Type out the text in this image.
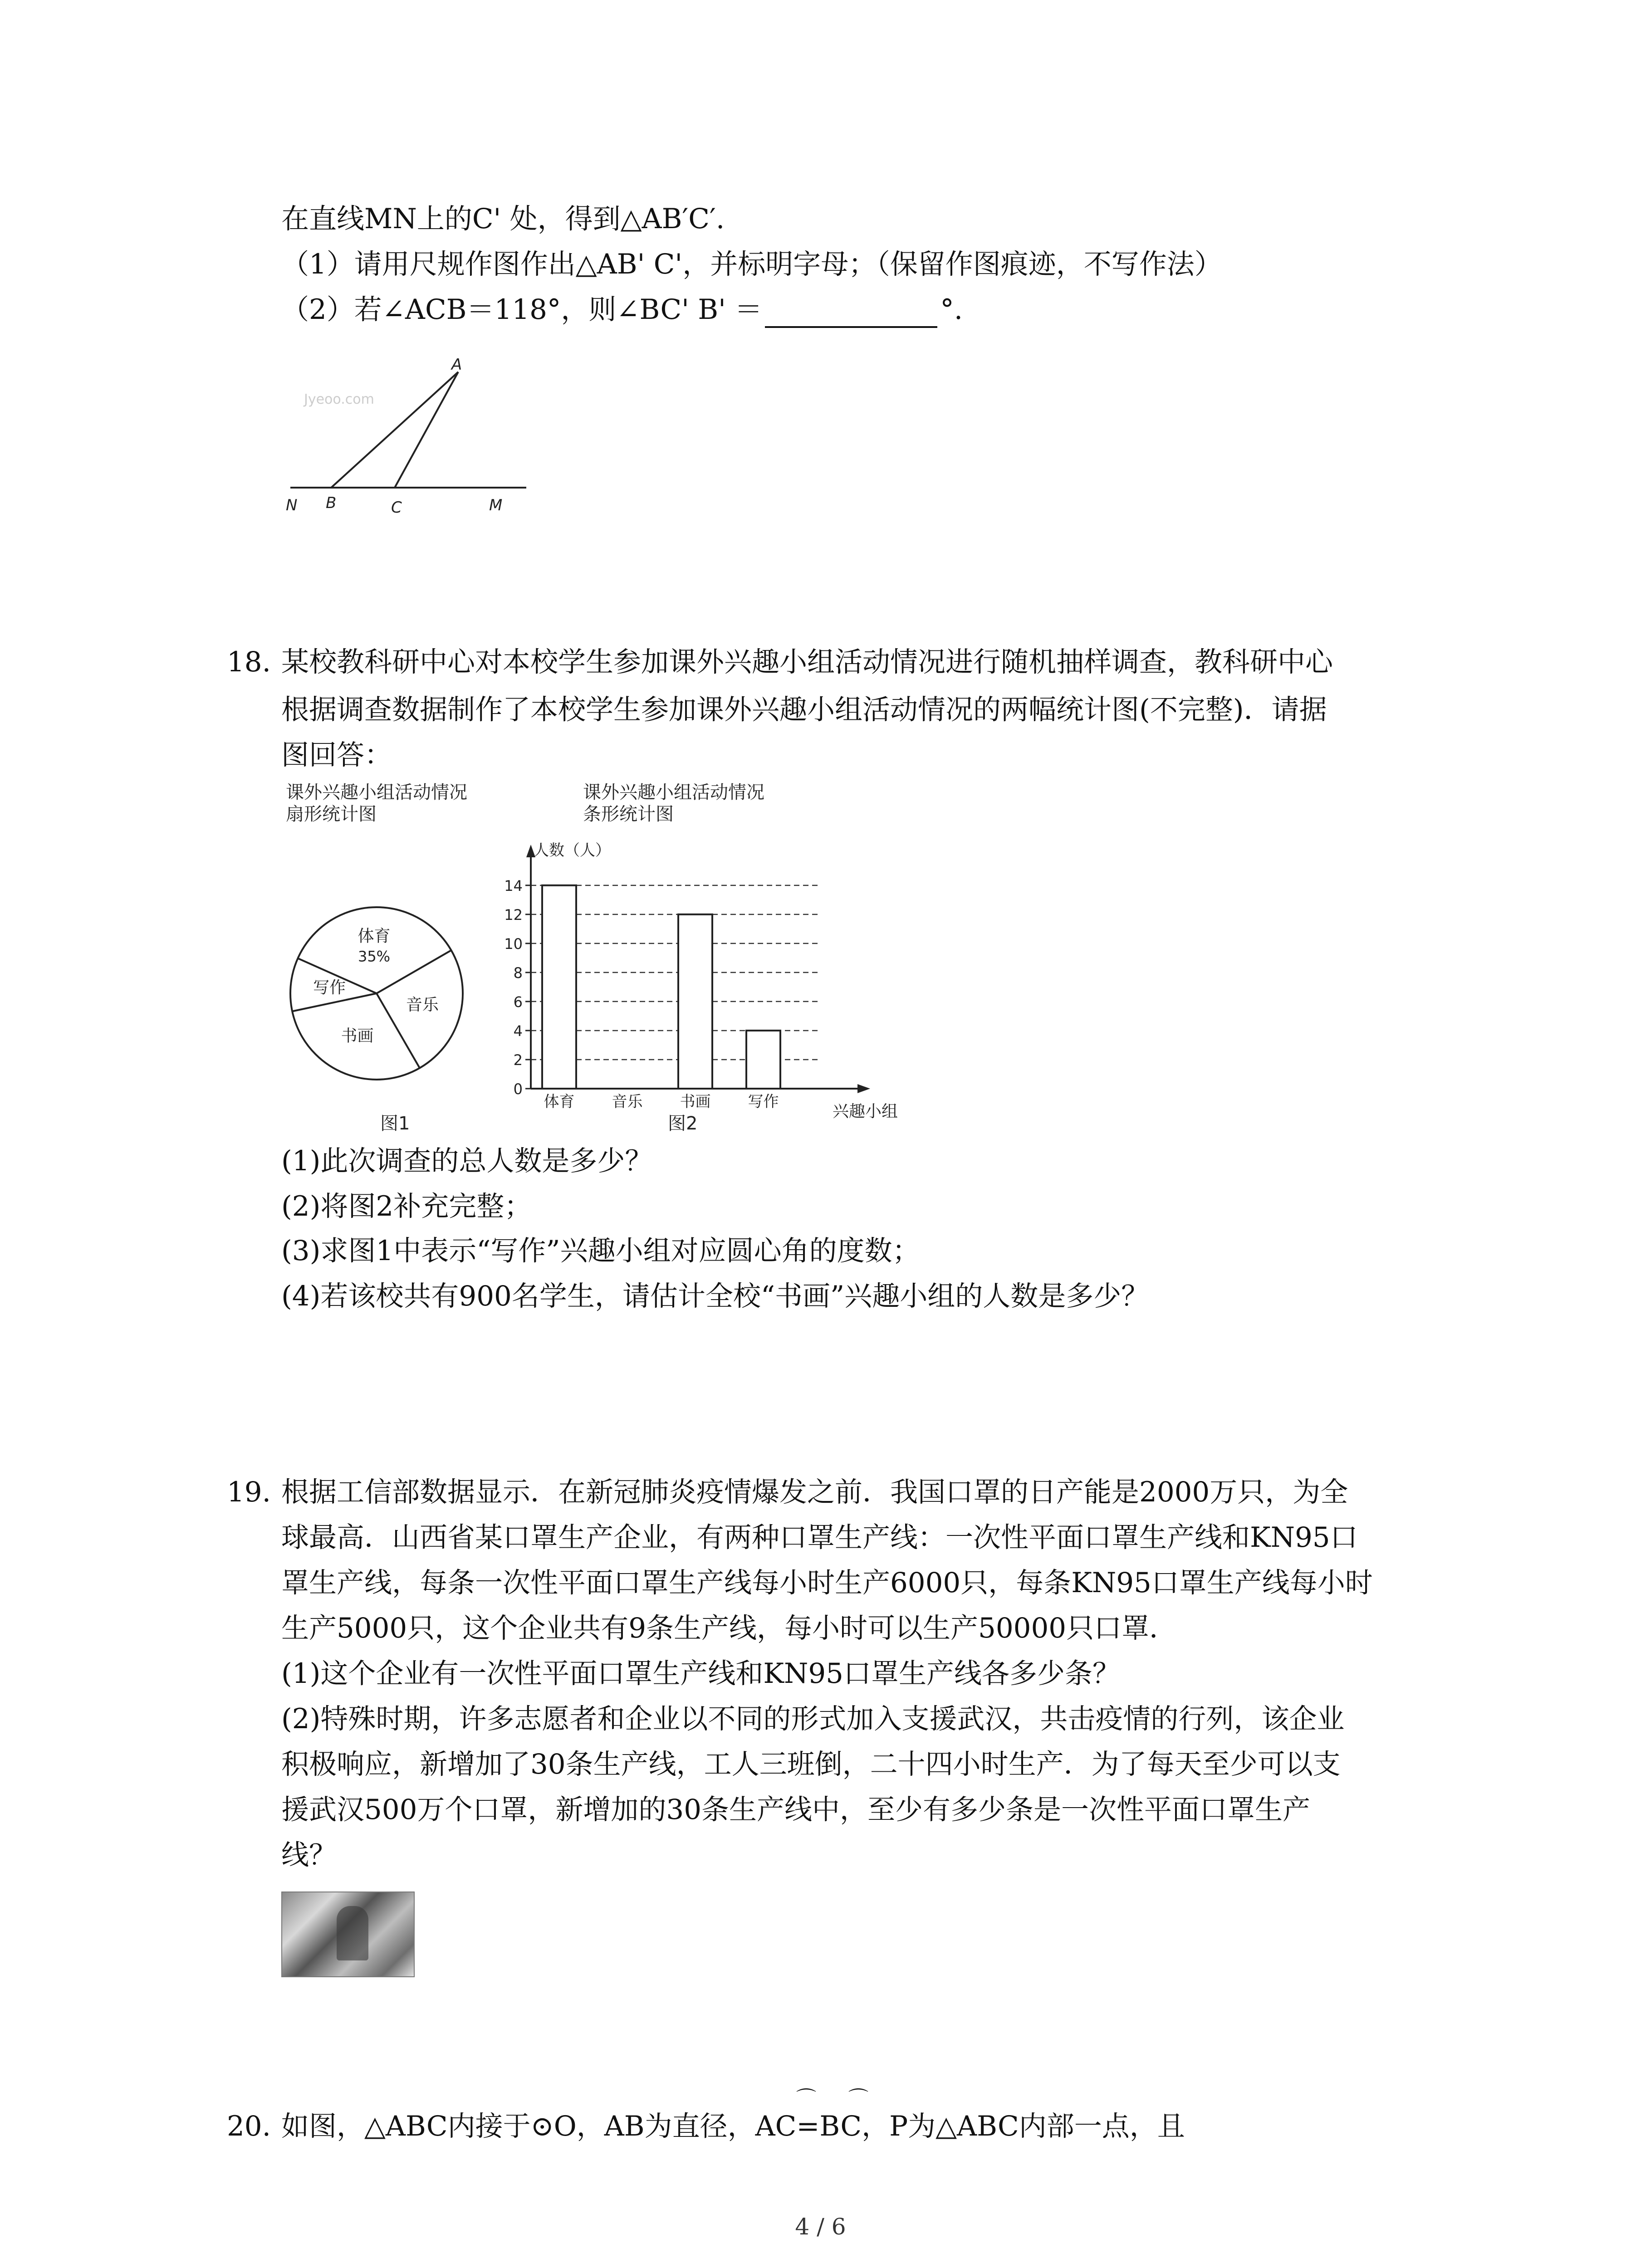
在直线MN上的C' 处，得到△AB′C′.
（1）请用尺规作图作出△AB' C'，并标明字母；（保留作图痕迹，不写作法）
（2）若∠ACB＝118°，则∠BC' B' ＝	°.
Jyeoo.com
A
N B	C	M
18. 某校教科研中心对本校学生参加课外兴趣小组活动情况进行随机抽样调查，教科研中心
根据调查数据制作了本校学生参加课外兴趣小组活动情况的两幅统计图(不完整)．请据
图回答：
课外兴趣小组活动情况
扇形统计图
体育
35%
写作
书画
音乐
图1
课外兴趣小组活动情况
条形统计图
0
2
4
6
8
10
12
14
人数（人）
兴趣小组
体育 音乐 书画 写作
图2
(1)此次调查的总人数是多少？
(2)将图2补充完整；
(3)求图1中表示“写作”兴趣小组对应圆心角的度数；
(4)若该校共有900名学生，请估计全校“书画”兴趣小组的人数是多少？
19. 根据工信部数据显示．在新冠肺炎疫情爆发之前．我国口罩的日产能是2000万只，为全
球最高．山西省某口罩生产企业，有两种口罩生产线：一次性平面口罩生产线和KN95口
罩生产线，每条一次性平面口罩生产线每小时生产6000只，每条KN95口罩生产线每小时
生产5000只，这个企业共有9条生产线，每小时可以生产50000只口罩．
(1)这个企业有一次性平面口罩生产线和KN95口罩生产线各多少条？
(2)特殊时期，许多志愿者和企业以不同的形式加入支援武汉，共击疫情的行列，该企业
积极响应，新增加了30条生产线，工人三班倒，二十四小时生产．为了每天至少可以支
援武汉500万个口罩，新增加的30条生产线中，至少有多少条是一次性平面口罩生产
线？
⌒ ⌒
20. 如图，△ABC内接于⊙O，AB为直径，AC=BC，P为△ABC内部一点，且
4 / 6
